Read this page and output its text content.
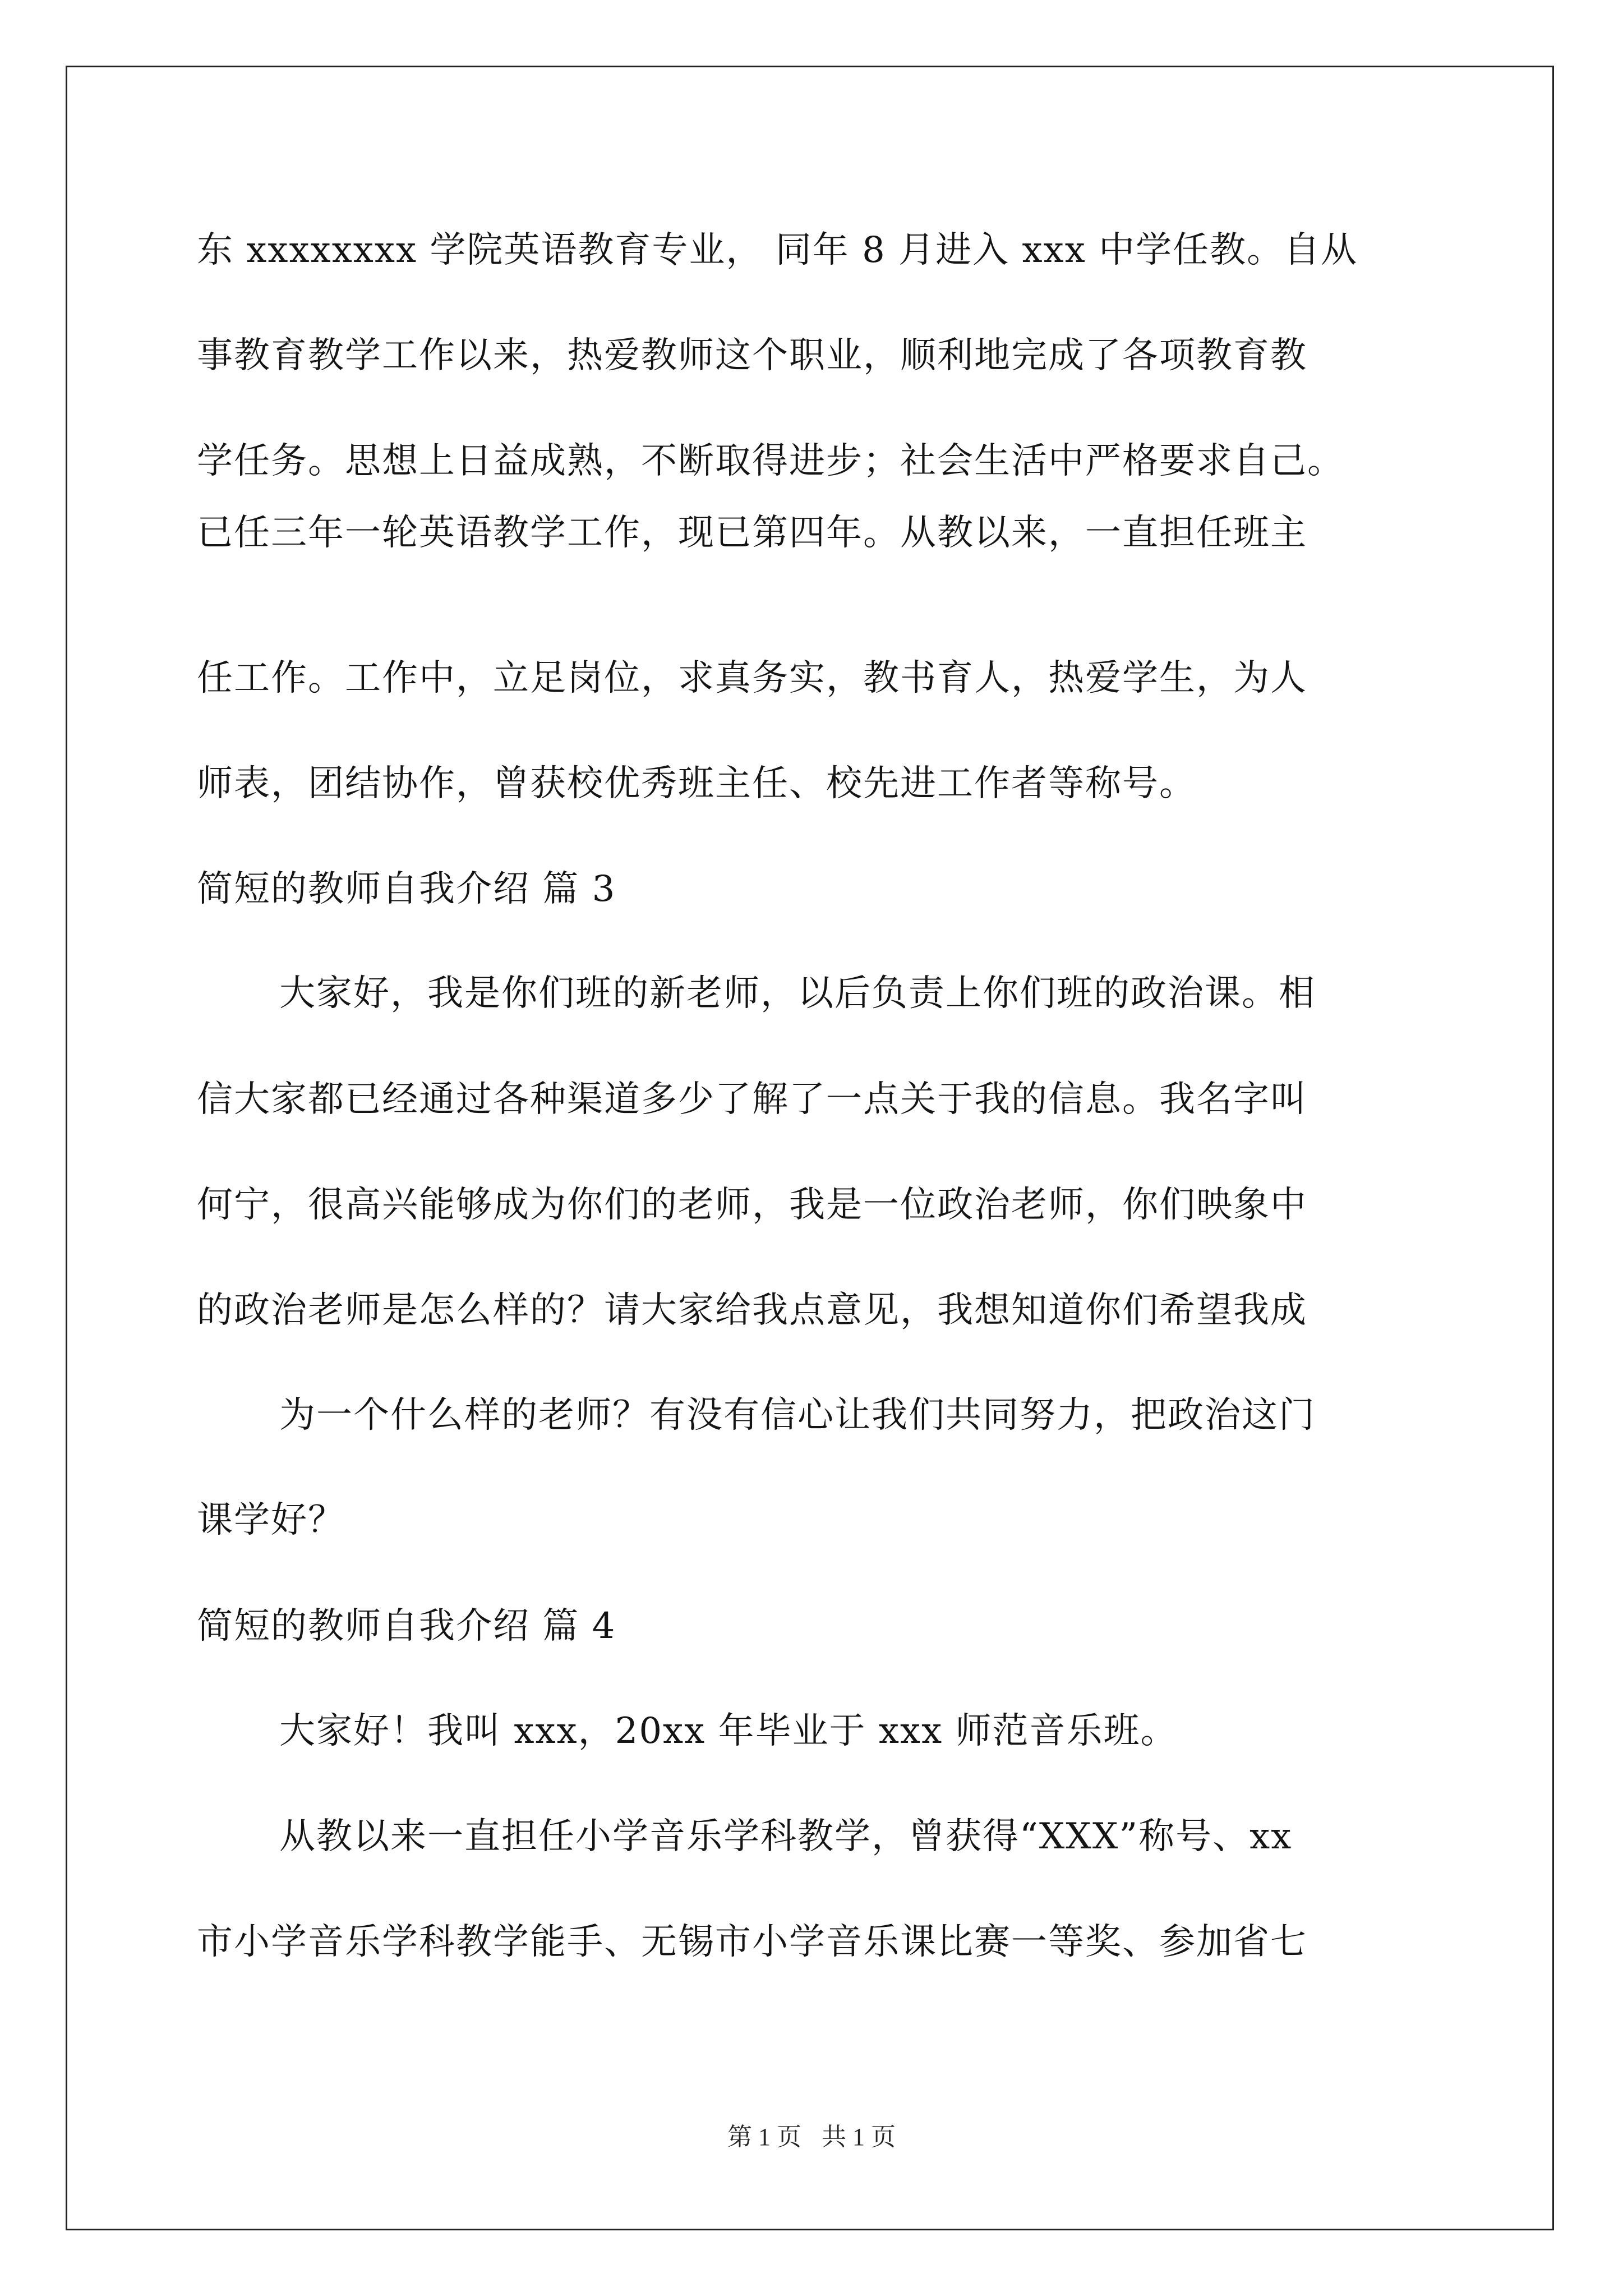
东 xxxxxxxx 学院英语教育专业， 同年 8 月进入 xxx 中学任教。自从
事教育教学工作以来，热爱教师这个职业，顺利地完成了各项教育教
学任务。思想上日益成熟，不断取得进步；社会生活中严格要求自己。
已任三年一轮英语教学工作，现已第四年。从教以来，一直担任班主
任工作。工作中，立足岗位，求真务实，教书育人，热爱学生，为人
师表，团结协作，曾获校优秀班主任、校先进工作者等称号。
简短的教师自我介绍 篇 3
大家好，我是你们班的新老师，以后负责上你们班的政治课。相
信大家都已经通过各种渠道多少了解了一点关于我的信息。我名字叫
何宁，很高兴能够成为你们的老师，我是一位政治老师，你们映象中
的政治老师是怎么样的？请大家给我点意见，我想知道你们希望我成
为一个什么样的老师？有没有信心让我们共同努力，把政治这门
课学好？
简短的教师自我介绍 篇 4
大家好！我叫 xxx，20xx 年毕业于 xxx 师范音乐班。
从教以来一直担任小学音乐学科教学，曾获得“XXX”称号、xx
市小学音乐学科教学能手、无锡市小学音乐课比赛一等奖、参加省七
第 1 页 共 1 页
